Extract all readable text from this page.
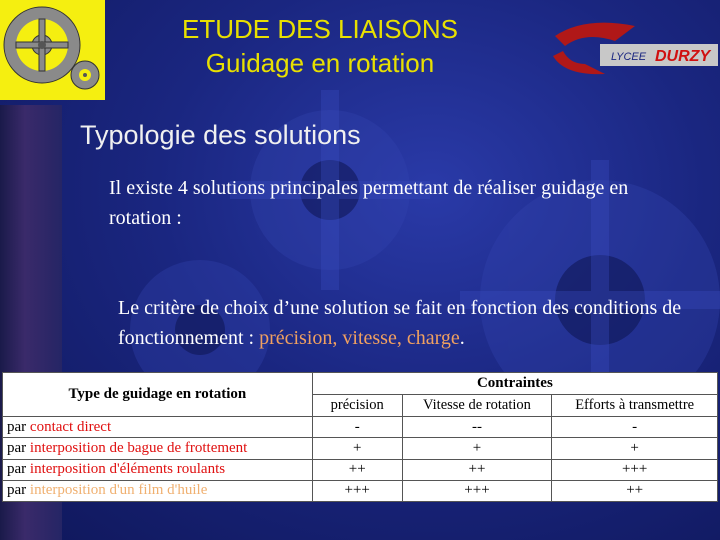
ETUDE DES LIAISONS
Guidage en rotation	LYCEE DURZY
Typologie des solutions
Il existe 4 solutions principales permettant de réaliser guidage en rotation :
Le critère de choix d’une solution se fait en fonction des conditions de fonctionnement : précision, vitesse, charge.
Type de guidage en rotation	Contraintes		
	précision	Vitesse de rotation	Efforts à transmettre
par contact direct	-	--	-
par interposition de bague de frottement	+	+	+
par interposition d'éléments roulants	++	++	+++
par interposition d'un film d'huile	+++	+++	++
